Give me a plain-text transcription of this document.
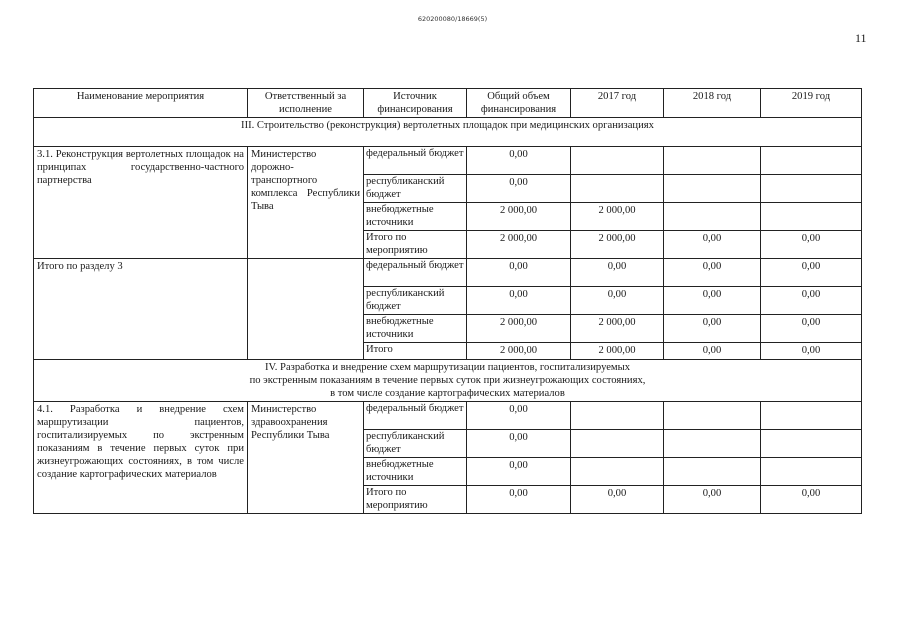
620200080/18669(5)
11
Наименование мероприятия	Ответственный за исполнение	Источник финансирования	Общий объем финансирования	2017 год	2018 год	2019 год
III. Строительство (реконструкция) вертолетных площадок при медицинских организациях						
3.1. Реконструкция вертолетных площадок на принципах государственно-частного партнерства	Министерство дорожно-транспортного комплекса Республики Тыва	федеральный бюджет	0,00			
		республиканский бюджет	0,00			
		внебюджетные источники	2 000,00	2 000,00		
		Итого по мероприятию	2 000,00	2 000,00	0,00	0,00
Итого по разделу 3		федеральный бюджет	0,00	0,00	0,00	0,00
		республиканский бюджет	0,00	0,00	0,00	0,00
		внебюджетные источники	2 000,00	2 000,00	0,00	0,00
		Итого	2 000,00	2 000,00	0,00	0,00

IV. Разработка и внедрение схем маршрутизации пациентов, госпитализируемых
по экстренным показаниям в течение первых суток при жизнеугрожающих состояниях,
в том числе создание картографических материалов						

4.1. Разработка и внедрение схем маршрутизации пациентов, госпитализируемых по экстренным показаниям в течение первых суток при жизнеугрожающих состояниях, в том числе создание картографических материалов	Министерство здравоохранения Республики Тыва	федеральный бюджет	0,00			
		республиканский бюджет	0,00			
		внебюджетные источники	0,00			
		Итого по мероприятию	0,00	0,00	0,00	0,00
